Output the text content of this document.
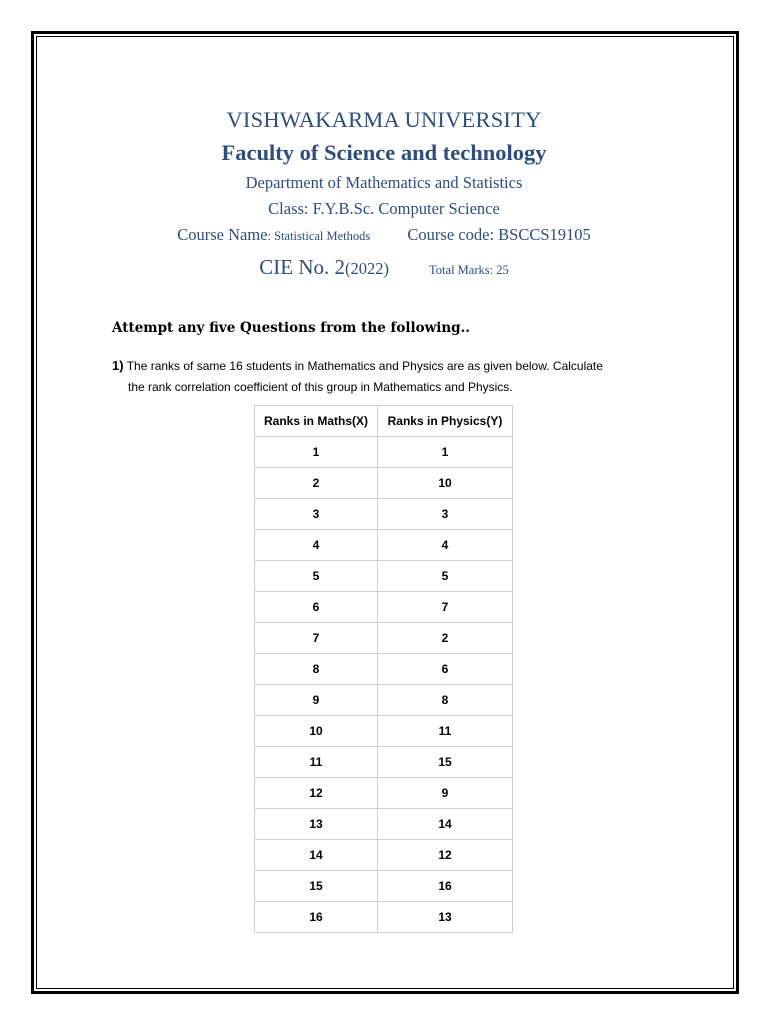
VISHWAKARMA UNIVERSITY
Faculty of Science and technology
Department of Mathematics and Statistics
Class: F.Y.B.Sc. Computer Science
Course Name: Statistical Methods Course code: BSCCS19105
CIE No. 2(2022)	Total Marks: 25
Attempt any five Questions from the following..
1) The ranks of same 16 students in Mathematics and Physics are as given below. Calculate
the rank correlation coefficient of this group in Mathematics and Physics.
Ranks in Maths(X)	Ranks in Physics(Y)
1	1
2	10
3	3
4	4
5	5
6	7
7	2
8	6
9	8
10	11
11	15
12	9
13	14
14	12
15	16
16	13
